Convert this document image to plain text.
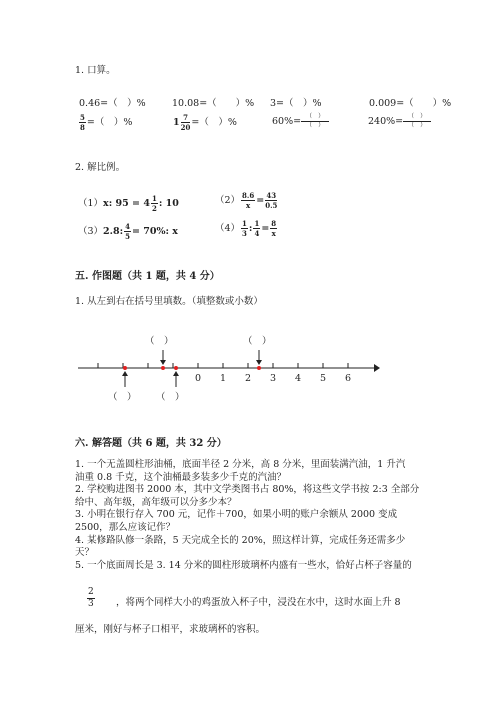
1. 口算。
0.46=（　）%	10.08=（　　）% 3=（　）%	0.009=（　　）%
$\frac{5}{8}$ =（　）%	$1 \frac{7}{20}$ =（　）%	$60\%= \frac{( )}{( )}$	$240\%= \frac{( )}{( )}$
2. 解比例。
（1）x: $95 = 4 \frac{1}{2}$ : 10	$(2) \frac{8.6}{x} = \frac{43}{0.5}$
（3）2.8: $\frac{4}{5} = 70\%$: x	$(4) \frac{1}{3}$ : $\frac{1}{4} = \frac{8}{x}$
五. 作图题（共 1 题，共 4 分）
1. 从左到右在括号里填数。（填整数或小数）
（　）	（　）
（　） （　）
0 1 2 3 4 5 6
六. 解答题（共 6 题，共 32 分）
1. 一个无盖圆柱形油桶，底面半径 2 分米，高 8 分米，里面装满汽油，1 升汽
油重 0.8 千克，这个油桶最多装多少千克的汽油？
2. 学校购进图书 2000 本，其中文学类图书占 80%，将这些文学书按 2:3 全部分
给中、高年级，高年级可以分多少本？
3. 小明在银行存入 700 元，记作＋700，如果小明的账户余额从 2000 变成
2500，那么应该记作？
4. 某修路队修一条路，5 天完成全长的 20%，照这样计算，完成任务还需多少
天？
5. 一个底面周长是 3. 14 分米的圆柱形玻璃杯内盛有一些水，恰好占杯子容量的
$\frac{2}{3}$ ，将两个同样大小的鸡蛋放入杯子中，浸没在水中，这时水面上升 8
厘米，刚好与杯子口相平，求玻璃杯的容积。
